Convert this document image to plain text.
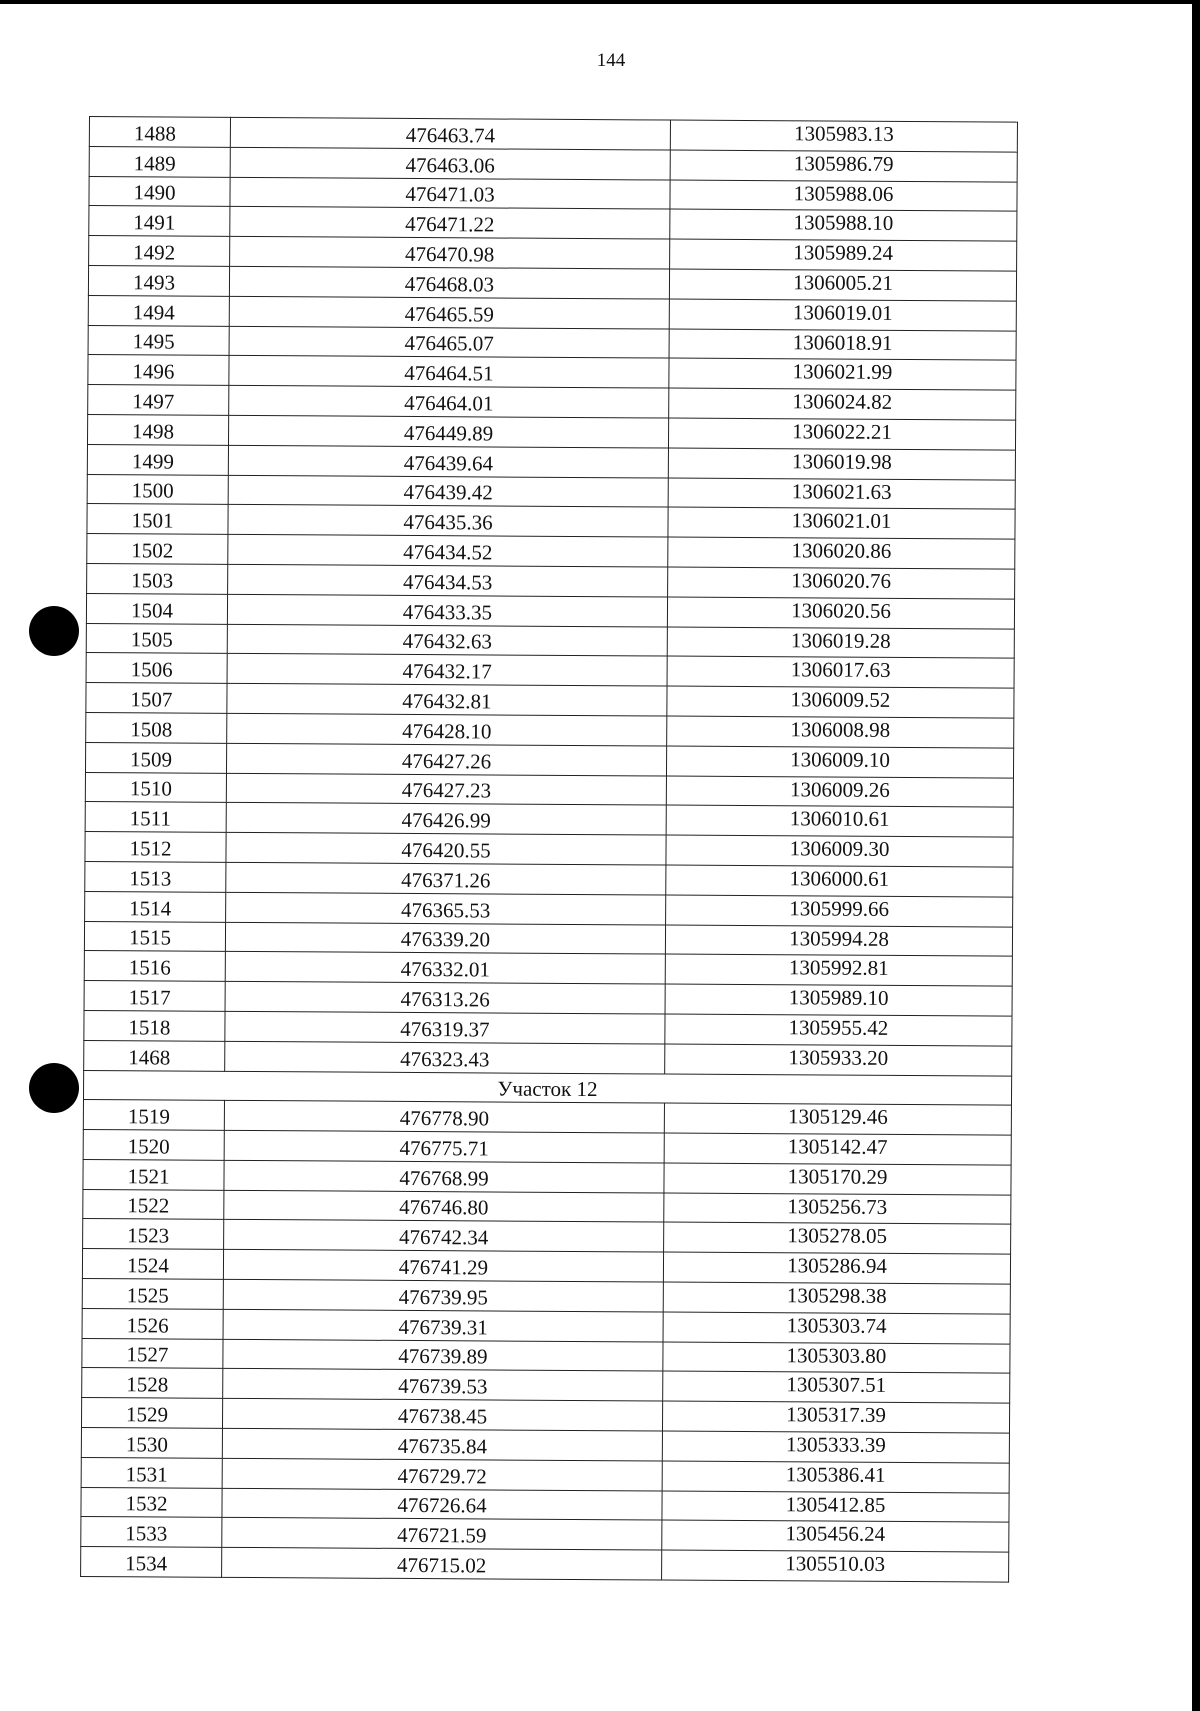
144
1488	476463.74	1305983.13
1489	476463.06	1305986.79
1490	476471.03	1305988.06
1491	476471.22	1305988.10
1492	476470.98	1305989.24
1493	476468.03	1306005.21
1494	476465.59	1306019.01
1495	476465.07	1306018.91
1496	476464.51	1306021.99
1497	476464.01	1306024.82
1498	476449.89	1306022.21
1499	476439.64	1306019.98
1500	476439.42	1306021.63
1501	476435.36	1306021.01
1502	476434.52	1306020.86
1503	476434.53	1306020.76
1504	476433.35	1306020.56
1505	476432.63	1306019.28
1506	476432.17	1306017.63
1507	476432.81	1306009.52
1508	476428.10	1306008.98
1509	476427.26	1306009.10
1510	476427.23	1306009.26
1511	476426.99	1306010.61
1512	476420.55	1306009.30
1513	476371.26	1306000.61
1514	476365.53	1305999.66
1515	476339.20	1305994.28
1516	476332.01	1305992.81
1517	476313.26	1305989.10
1518	476319.37	1305955.42
1468	476323.43	1305933.20
Участок 12		
1519	476778.90	1305129.46
1520	476775.71	1305142.47
1521	476768.99	1305170.29
1522	476746.80	1305256.73
1523	476742.34	1305278.05
1524	476741.29	1305286.94
1525	476739.95	1305298.38
1526	476739.31	1305303.74
1527	476739.89	1305303.80
1528	476739.53	1305307.51
1529	476738.45	1305317.39
1530	476735.84	1305333.39
1531	476729.72	1305386.41
1532	476726.64	1305412.85
1533	476721.59	1305456.24
1534	476715.02	1305510.03
